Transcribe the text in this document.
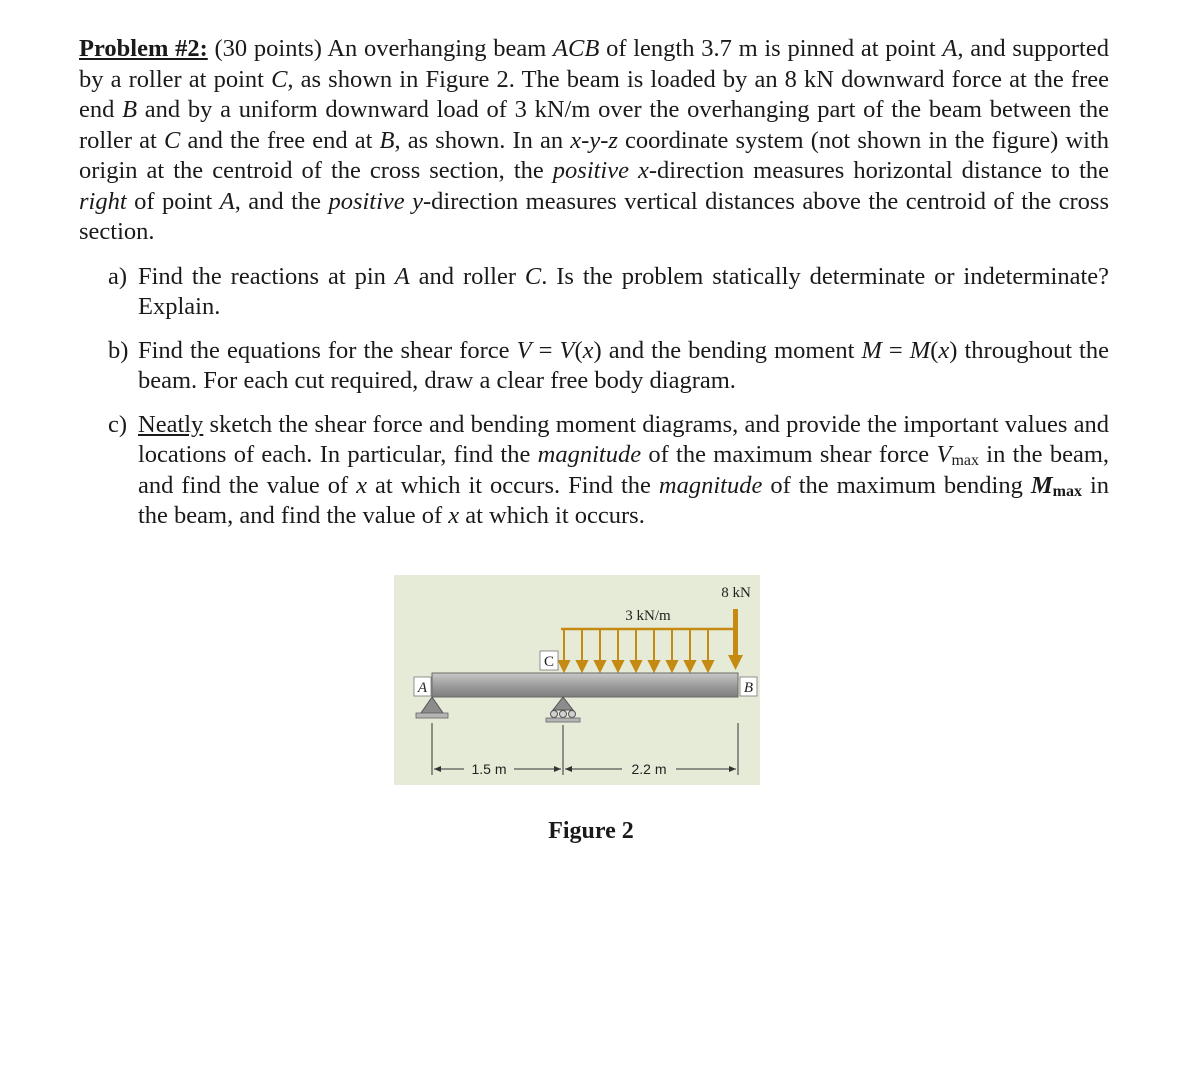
Problem #2: (30 points) An overhanging beam ACB of length 3.7 m is pinned at point A, and supported by a roller at point C, as shown in Figure 2. The beam is loaded by an 8 kN downward force at the free end B and by a uniform downward load of 3 kN/m over the overhanging part of the beam between the roller at C and the free end at B, as shown. In an x-y-z coordinate system (not shown in the figure) with origin at the centroid of the cross section, the positive x-direction measures horizontal distance to the right of point A, and the positive y-direction measures vertical distances above the centroid of the cross section.

a) Find the reactions at pin A and roller C. Is the problem statically determinate or indeterminate? Explain.

b) Find the equations for the shear force V = V(x) and the bending moment M = M(x) throughout the beam. For each cut required, draw a clear free body diagram.

c) Neatly sketch the shear force and bending moment diagrams, and provide the important values and locations of each. In particular, find the magnitude of the maximum shear force $V_{max}$ in the beam, and find the value of x at which it occurs. Find the magnitude of the maximum bending $M_{max}$ in the beam, and find the value of x at which it occurs.

3 kN/m
8 kN
C
A	B
1.5 m	2.2 m
Figure 2
